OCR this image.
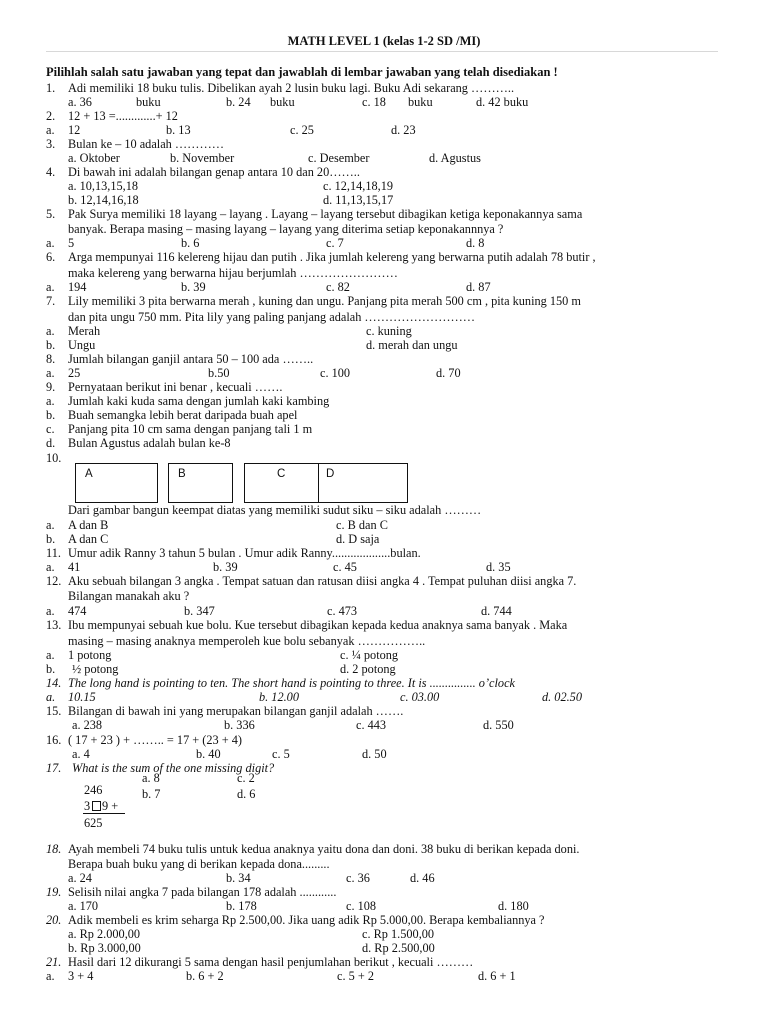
MATH LEVEL 1 (kelas 1-2 SD /MI)
Pilihlah salah satu jawaban yang tepat dan jawablah di lembar jawaban yang telah disediakan !
1. Adi memiliki 18 buku tulis. Dibelikan ayah 2 lusin buku lagi. Buku Adi sekarang ………..
a. 36	buku	b. 24 buku	c. 18 buku	d. 42 buku
2. 12 + 13 =.............+ 12
a. 12	b. 13	c. 25	d. 23
3. Bulan ke – 10 adalah …………
a. Oktober	b. November	c. Desember	d. Agustus
4. Di bawah ini adalah bilangan genap antara 10 dan 20……..
a. 10,13,15,18	c. 12,14,18,19
b. 12,14,16,18	d. 11,13,15,17
5. Pak Surya memiliki 18 layang – layang . Layang – layang tersebut dibagikan ketiga keponakannya sama
banyak. Berapa masing – masing layang – layang yang diterima setiap keponakannnya ?
a. 5	b. 6	c. 7	d. 8
6. Arga mempunyai 116 kelereng hijau dan putih . Jika jumlah kelereng yang berwarna putih adalah 78 butir ,
maka kelereng yang berwarna hijau berjumlah ……………………
a. 194	b. 39	c. 82	d. 87
7. Lily memiliki 3 pita berwarna merah , kuning dan ungu. Panjang pita merah 500 cm , pita kuning 150 m
dan pita ungu 750 mm. Pita lily yang paling panjang adalah ………………………
a. Merah	c. kuning
b. Ungu	d. merah dan ungu
8. Jumlah bilangan ganjil antara 50 – 100 ada ……..
a. 25	b.50	c. 100	d. 70
9. Pernyataan berikut ini benar , kecuali …….
a. Jumlah kaki kuda sama dengan jumlah kaki kambing
b. Buah semangka lebih berat daripada buah apel
c. Panjang pita 10 cm sama dengan panjang tali 1 m
d. Bulan Agustus adalah bulan ke-8
10.
A	B	C	D
Dari gambar bangun keempat diatas yang memiliki sudut siku – siku adalah ………
a. A dan B	c. B dan C
b. A dan C	d. D saja
11. Umur adik Ranny 3 tahun 5 bulan . Umur adik Ranny...................bulan.
a. 41	b. 39	c. 45	d. 35
12. Aku sebuah bilangan 3 angka . Tempat satuan dan ratusan diisi angka 4 . Tempat puluhan diisi angka 7.
Bilangan manakah aku ?
a. 474	b. 347	c. 473	d. 744
13. Ibu mempunyai sebuah kue bolu. Kue tersebut dibagikan kepada kedua anaknya sama banyak . Maka
masing – masing anaknya memperoleh kue bolu sebanyak ……………..
a. 1 potong	c. ¼ potong
b. ½ potong	d. 2 potong
14. The long hand is pointing to ten. The short hand is pointing to three. It is ............... o’clock
a. 10.15	b. 12.00	c. 03.00	d. 02.50
15. Bilangan di bawah ini yang merupakan bilangan ganjil adalah …….
a. 238	b. 336	c. 443	d. 550
16. ( 17 + 23 ) + …….. = 17 + (23 + 4)
a. 4	b. 40	c. 5	d. 50
17. What is the sum of the one missing digit?
a. 8	c. 2
b. 7	d. 6
246
3 9 +
625
18. Ayah membeli 74 buku tulis untuk kedua anaknya yaitu dona dan doni. 38 buku di berikan kepada doni.
Berapa buah buku yang di berikan kepada dona.........
a. 24	b. 34	c. 36	d. 46
19. Selisih nilai angka 7 pada bilangan 178 adalah ............
a. 170	b. 178	c. 108	d. 180
20. Adik membeli es krim seharga Rp 2.500,00. Jika uang adik Rp 5.000,00. Berapa kembaliannya ?
a. Rp 2.000,00	c. Rp 1.500,00
b. Rp 3.000,00	d. Rp 2.500,00
21. Hasil dari 12 dikurangi 5 sama dengan hasil penjumlahan berikut , kecuali ………
a. 3 + 4	b. 6 + 2	c. 5 + 2	d. 6 + 1
